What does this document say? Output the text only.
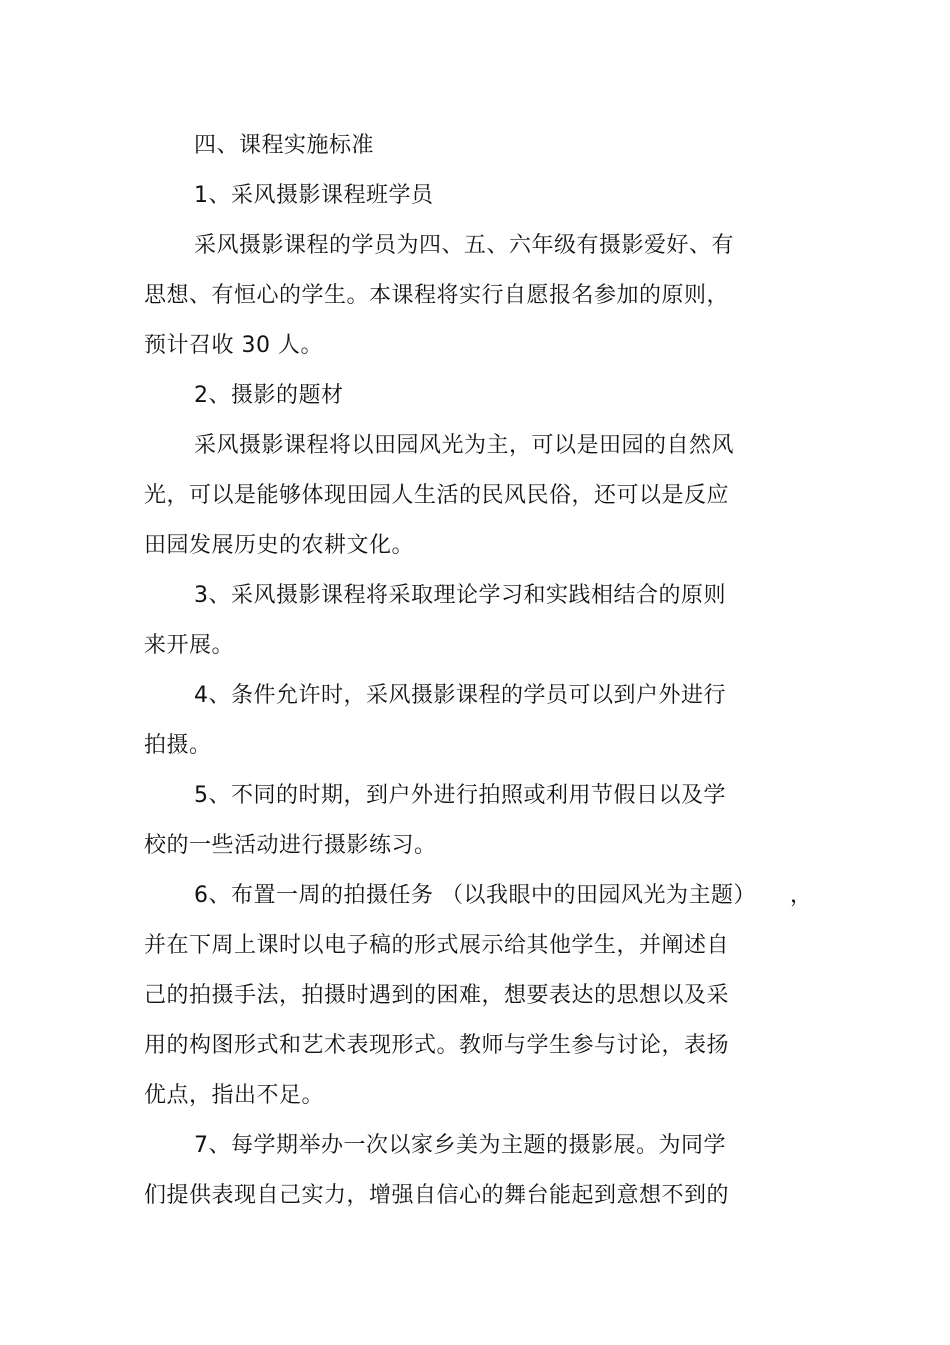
四、课程实施标准
1、采风摄影课程班学员
采风摄影课程的学员为四、五、六年级有摄影爱好、有
思想、有恒心的学生。本课程将实行自愿报名参加的原则，
预计召收 30 人。
2、摄影的题材
采风摄影课程将以田园风光为主，可以是田园的自然风
光，可以是能够体现田园人生活的民风民俗，还可以是反应
田园发展历史的农耕文化。
3、采风摄影课程将采取理论学习和实践相结合的原则
来开展。
4、条件允许时，采风摄影课程的学员可以到户外进行
拍摄。
5、不同的时期，到户外进行拍照或利用节假日以及学
校的一些活动进行摄影练习。
6、布置一周的拍摄任务 （以我眼中的田园风光为主题） ，
并在下周上课时以电子稿的形式展示给其他学生，并阐述自
己的拍摄手法，拍摄时遇到的困难，想要表达的思想以及采
用的构图形式和艺术表现形式。教师与学生参与讨论，表扬
优点，指出不足。
7、每学期举办一次以家乡美为主题的摄影展。为同学
们提供表现自己实力，增强自信心的舞台能起到意想不到的
